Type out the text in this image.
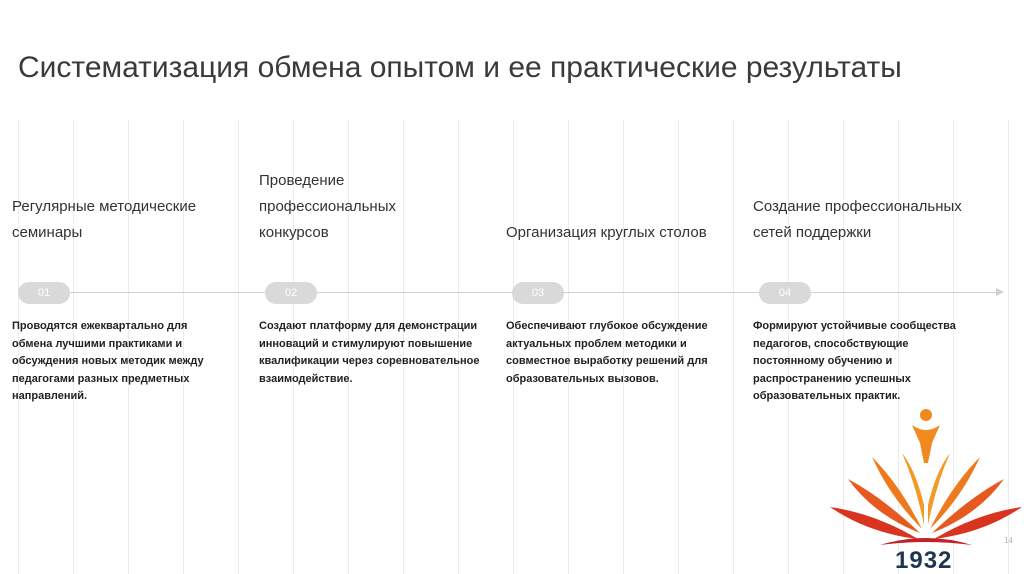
Систематизация обмена опытом и ее практические результаты
Регулярные методические семинары
Проведение профессиональных конкурсов	Организация круглых столов
Создание профессиональных сетей поддержки
01	02	03	04
Проводятся ежеквартально для обмена лучшими практиками и обсуждения новых методик между педагогами разных предметных направлений.
Создают платформу для демонстрации инноваций и стимулируют повышение квалификации через соревновательное взаимодействие.
Обеспечивают глубокое обсуждение актуальных проблем методики и совместное выработку решений для образовательных вызовов.
Формируют устойчивые сообщества педагогов, способствующие постоянному обучению и распространению успешных образовательных практик.
1932
14
